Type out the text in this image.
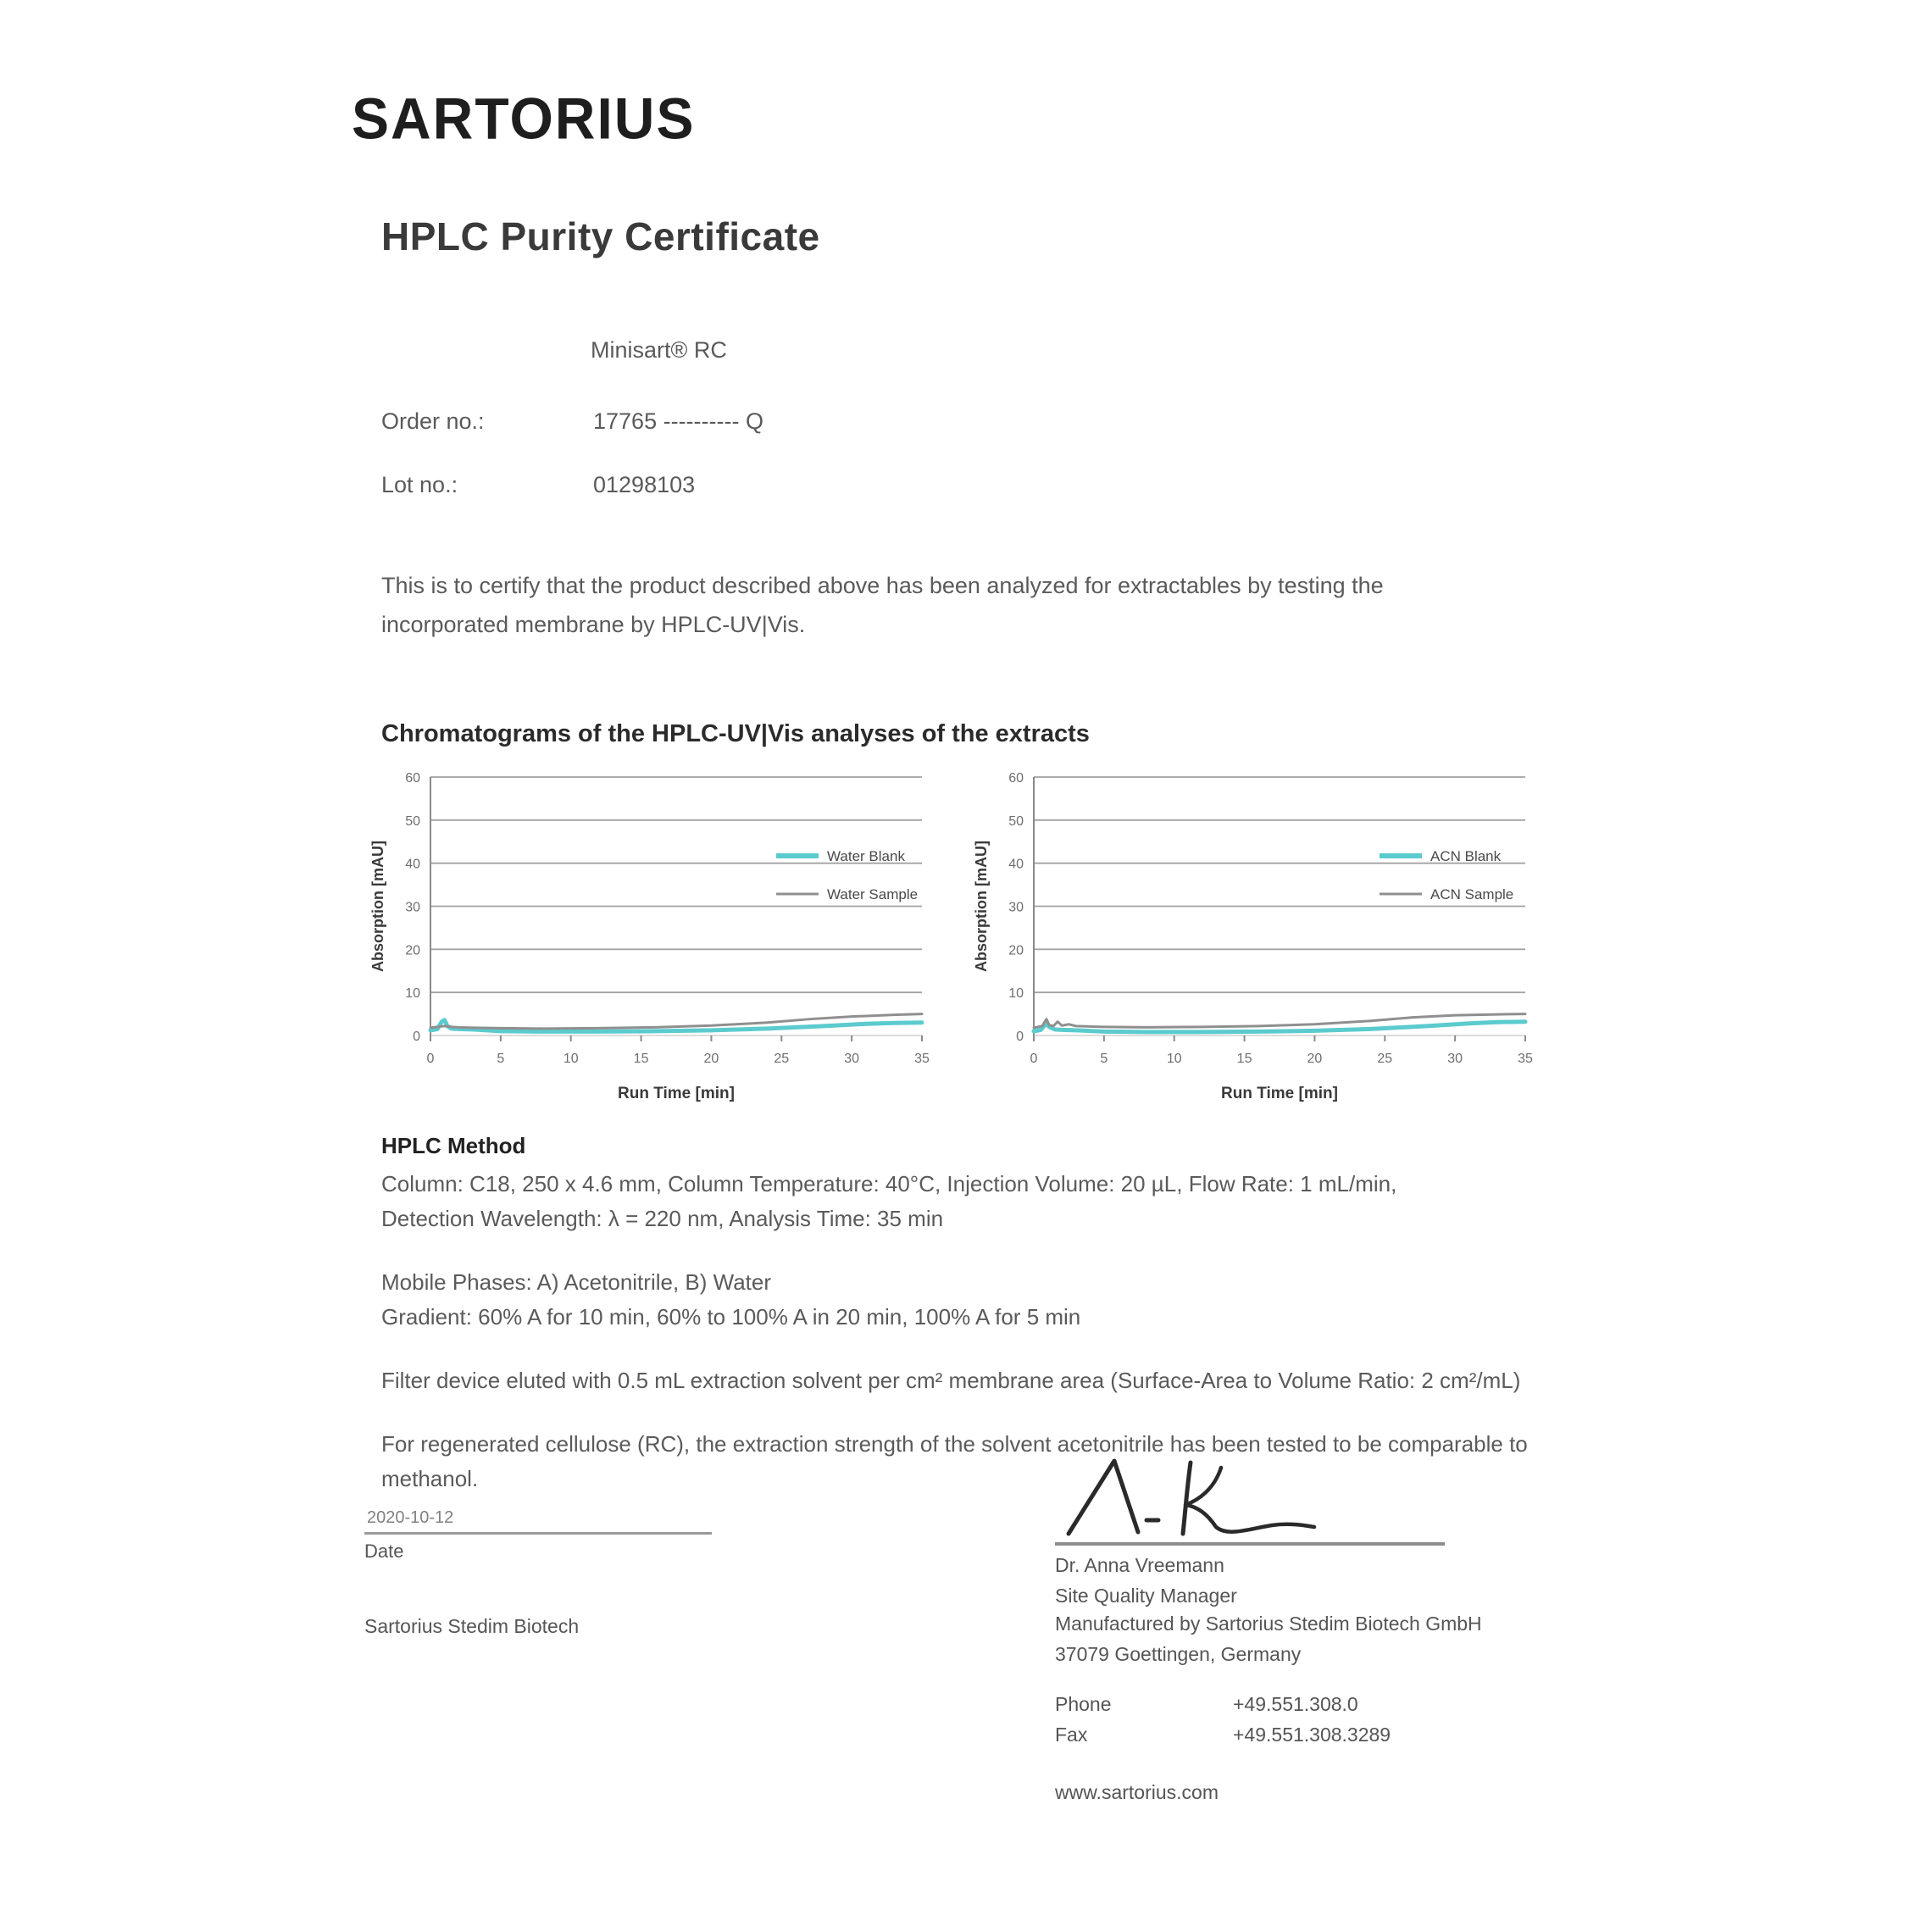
SARTORIUS
HPLC Purity Certificate
Minisart® RC
Order no.:	17765 ---------- Q
Lot no.:	01298103
This is to certify that the product described above has been analyzed for extractables by testing the incorporated membrane by HPLC-UV|Vis.
Chromatograms of the HPLC-UV|Vis analyses of the extracts
0
10
20
30
40
50
60
0	5	10	15	20	25	30	35
Water Blank
Water Sample
Run Time [min]
Absorption [mAU]
0
10
20
30
40
50
60
0	5	10	15	20	25	30	35
ACN Blank
ACN Sample
Run Time [min]
Absorption [mAU]

HPLC Method

Column: C18, 250 x 4.6 mm, Column Temperature: 40°C, Injection Volume: 20 µL, Flow Rate: 1 mL/min,

Detection Wavelength: λ = 220 nm, Analysis Time: 35 min

Mobile Phases: A) Acetonitrile, B) Water

Gradient: 60% A for 10 min, 60% to 100% A in 20 min, 100% A for 5 min

Filter device eluted with 0.5 mL extraction solvent per cm² membrane area (Surface-Area to Volume Ratio: 2 cm²/mL)

For regenerated cellulose (RC), the extraction strength of the solvent acetonitrile has been tested to be comparable to methanol.

Dr. Anna Vreemann
Site Quality Manager
2020-10-12
Date
Sartorius Stedim Biotech	Manufactured by Sartorius Stedim Biotech GmbH
37079 Goettingen, Germany
Phone	+49.551.308.0
Fax	+49.551.308.3289
www.sartorius.com
